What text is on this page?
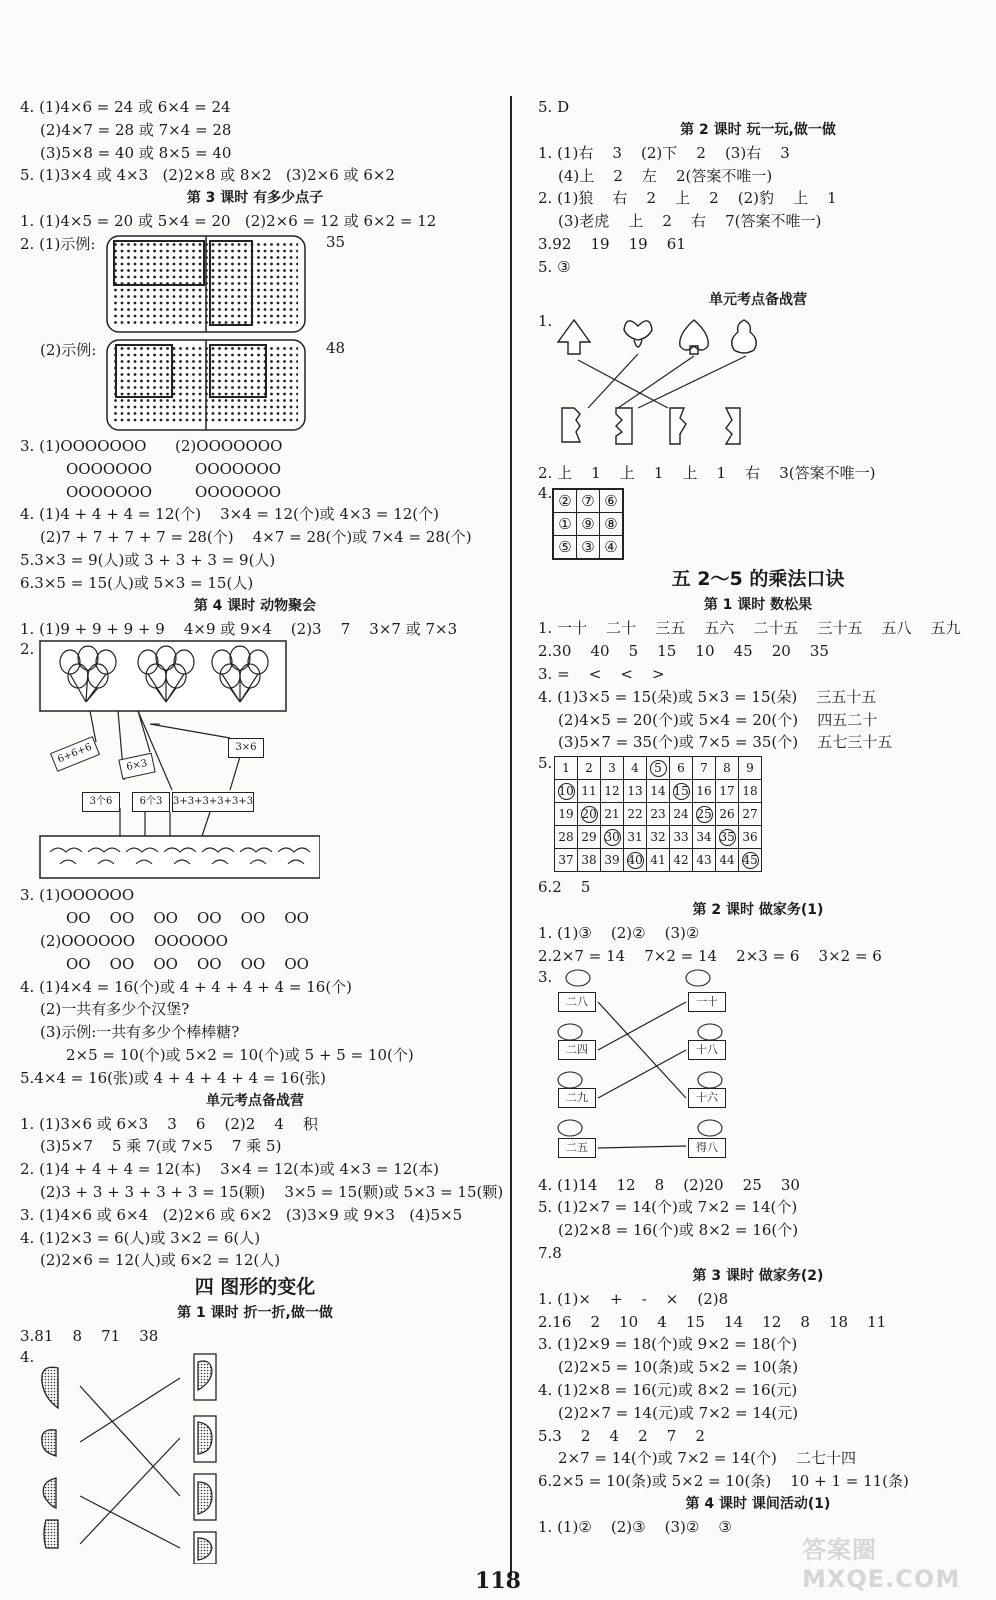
4. (1)4×6 = 24 或 6×4 = 24
(2)4×7 = 28 或 7×4 = 28
(3)5×8 = 40 或 8×5 = 40
5. (1)3×4 或 4×3   (2)2×8 或 8×2   (3)2×6 或 6×2
第 3 课时 有多少点子
1. (1)4×5 = 20 或 5×4 = 20   (2)2×6 = 12 或 6×2 = 12
2. (1)示例:	35
(2)示例:	48
3. (1)OOOOOOO (2)OOOOOOO
OOOOOOO	OOOOOOO
OOOOOOO	OOOOOOO
4. (1)4 + 4 + 4 = 12(个)    3×4 = 12(个)或 4×3 = 12(个)
(2)7 + 7 + 7 + 7 = 28(个)    4×7 = 28(个)或 7×4 = 28(个)
5.3×3 = 9(人)或 3 + 3 + 3 = 9(人)
6.3×5 = 15(人)或 5×3 = 15(人)
第 4 课时 动物聚会
1. (1)9 + 9 + 9 + 9    4×9 或 9×4    (2)3    7    3×7 或 7×3
2.
6+6+6
6×3
3×6
3个6	6个3	3+3+3+3+3+3
3. (1)OOOOOO
OO    OO    OO    OO    OO    OO
(2)OOOOOO    OOOOOO
OO    OO    OO    OO    OO    OO
4. (1)4×4 = 16(个)或 4 + 4 + 4 + 4 = 16(个)
(2)一共有多少个汉堡?
(3)示例:一共有多少个棒棒糖?
2×5 = 10(个)或 5×2 = 10(个)或 5 + 5 = 10(个)
5.4×4 = 16(张)或 4 + 4 + 4 + 4 = 16(张)
单元考点备战营
1. (1)3×6 或 6×3    3    6    (2)2    4    积
(3)5×7    5 乘 7(或 7×5    7 乘 5)
2. (1)4 + 4 + 4 = 12(本)    3×4 = 12(本)或 4×3 = 12(本)
(2)3 + 3 + 3 + 3 + 3 = 15(颗)    3×5 = 15(颗)或 5×3 = 15(颗)
3. (1)4×6 或 6×4   (2)2×6 或 6×2   (3)3×9 或 9×3   (4)5×5
4. (1)2×3 = 6(人)或 3×2 = 6(人)
(2)2×6 = 12(人)或 6×2 = 12(人)
四 图形的变化
第 1 课时 折一折,做一做
3.81    8    71    38
4.
5. D
第 2 课时 玩一玩,做一做
1. (1)右    3    (2)下    2    (3)右    3
(4)上    2    左    2(答案不唯一)
2. (1)狼    右    2    上    2    (2)豹    上    1
(3)老虎    上    2    右    7(答案不唯一)
3.92    19    19    61
5. ③
单元考点备战营
1.
2. 上    1    上    1    上    1    右    3(答案不唯一)
4. ②	⑦	⑥
①	⑨	⑧
⑤	③	④
五 2～5 的乘法口诀
第 1 课时 数松果
1. 一十    二十    三五    五六    二十五    三十五    五八    五九
2.30    40    5    15    10    45    20    35
3. =    <    <    >
4. (1)3×5 = 15(朵)或 5×3 = 15(朵)    三五十五
(2)4×5 = 20(个)或 5×4 = 20(个)    四五二十
(3)5×7 = 35(个)或 7×5 = 35(个)    五七三十五
5. 1	2	3	4	5	6	7	8	9
10	11	12	13	14	15	16	17	18
19	20	21	22	23	24	25	26	27
28	29	30	31	32	33	34	35	36
37	38	39	40	41	42	43	44	45
6.2    5
第 2 课时 做家务(1)
1. (1)③    (2)②    (3)②
2.2×7 = 14    7×2 = 14    2×3 = 6    3×2 = 6
3.
二八
二四
二九
二五
一十
十八
十六
得八
4. (1)14    12    8    (2)20    25    30
5. (1)2×7 = 14(个)或 7×2 = 14(个)
(2)2×8 = 16(个)或 8×2 = 16(个)
7.8
第 3 课时 做家务(2)
1. (1)×    +    -    ×    (2)8
2.16    2    10    4    15    14    12    8    18    11
3. (1)2×9 = 18(个)或 9×2 = 18(个)
(2)2×5 = 10(条)或 5×2 = 10(条)
4. (1)2×8 = 16(元)或 8×2 = 16(元)
(2)2×7 = 14(元)或 7×2 = 14(元)
5.3    2    4    2    7    2
2×7 = 14(个)或 7×2 = 14(个)    二七十四
6.2×5 = 10(条)或 5×2 = 10(条)    10 + 1 = 11(条)
第 4 课时 课间活动(1)
1. (1)②    (2)③    (3)②    ③
118
答案圈 MXQE.COM
